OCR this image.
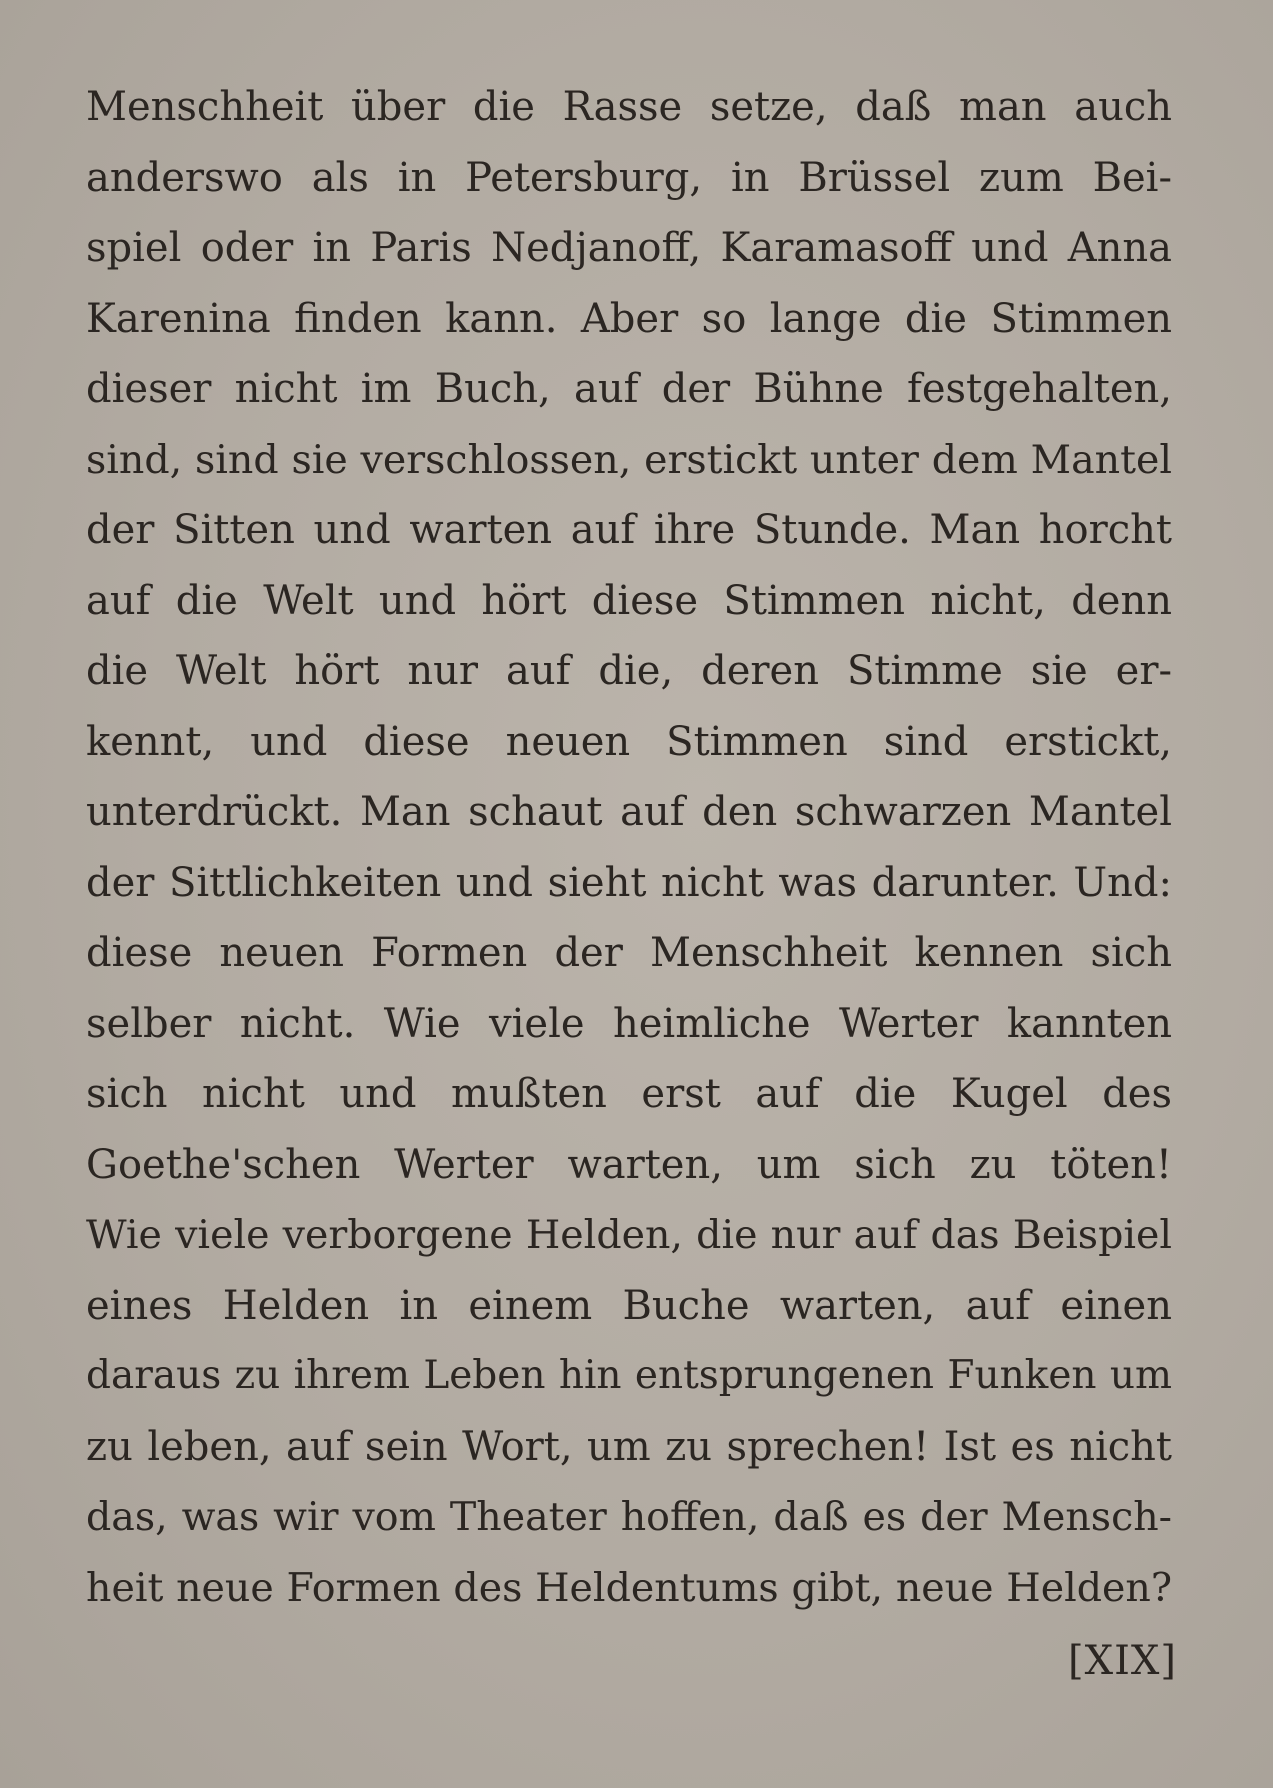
Menschheit über die Rasse setze, daß man auch
anderswo als in Petersburg, in Brüssel zum Bei-
spiel oder in Paris Nedjanoff, Karamasoff und Anna
Karenina finden kann. Aber so lange die Stimmen
dieser nicht im Buch, auf der Bühne festgehalten,
sind, sind sie verschlossen, erstickt unter dem Mantel
der Sitten und warten auf ihre Stunde. Man horcht
auf die Welt und hört diese Stimmen nicht, denn
die Welt hört nur auf die, deren Stimme sie er-
kennt, und diese neuen Stimmen sind erstickt,
unterdrückt. Man schaut auf den schwarzen Mantel
der Sittlichkeiten und sieht nicht was darunter. Und:
diese neuen Formen der Menschheit kennen sich
selber nicht. Wie viele heimliche Werter kannten
sich nicht und mußten erst auf die Kugel des
Goethe'schen Werter warten, um sich zu töten!
Wie viele verborgene Helden, die nur auf das Beispiel
eines Helden in einem Buche warten, auf einen
daraus zu ihrem Leben hin entsprungenen Funken um
zu leben, auf sein Wort, um zu sprechen! Ist es nicht
das, was wir vom Theater hoffen, daß es der Mensch-
heit neue Formen des Heldentums gibt, neue Helden?
[XIX]
